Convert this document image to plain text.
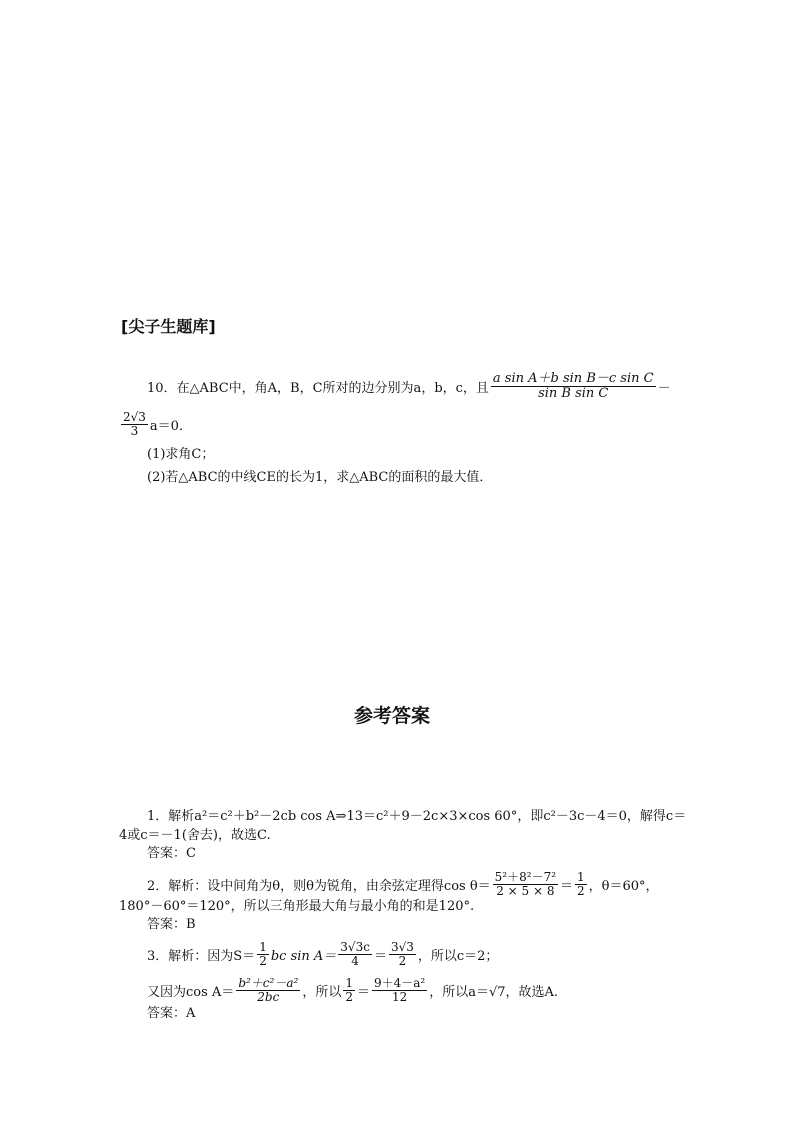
[尖子生题库]
10． 在△ABC中，角A，B，C所对的边分别为a，b，c，且 $\frac{\text{a sin A＋b sin B－c sin C}}{\text{sin B sin C}}$ －
$\frac{2√3}{3} a=0$．
(1)求角C；
(2)若△ABC的中线CE的长为1，求△ABC的面积的最大值．
参考答案
1．解析a²＝c²＋b²－2cb cos A⇒13＝c²＋9－2c×3×cos 60°，即c²－3c－4＝0，解得c＝
4或c＝－1(舍去)，故选C.
答案：C
2．解析：设中间角为θ，则θ为锐角，由余弦定理得$\cos \theta= \frac{\text{5²＋8²－7²}}{2 \times 5 \times 8} = \frac{1}{2}$ ，θ＝60°，
180°－60°＝120°，所以三角形最大角与最小角的和是120°.
答案：B
3．解析：因为$S= \frac{1}{2}$ bc $\sin A= \frac{3√3c}{4} = \frac{3√3}{2}$ ，所以c＝2；
又因为$\cos A= \frac{\text{b²＋c²－a²}}{2bc}$ ，所以 $\frac{1}{2} = \frac{\text{9＋4－a²}}{12}$ ，所以a＝√7，故选A.
答案：A
